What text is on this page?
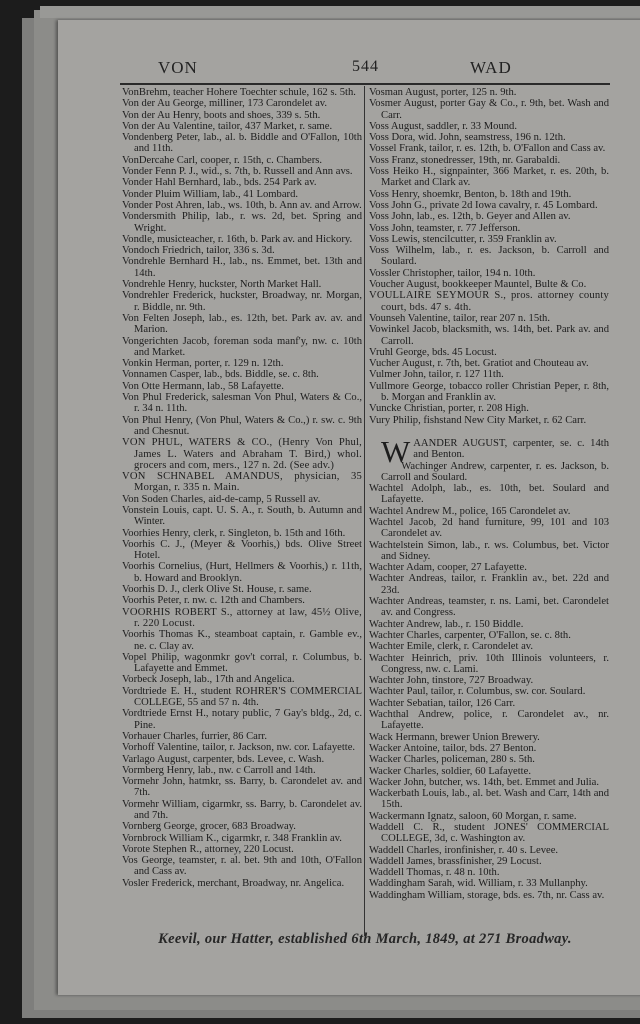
VON	544	WAD

VonBrehm, teacher Hohere Toechter schule, 162 s. 5th.

Von der Au George, milliner, 173 Carondelet av.

Von der Au Henry, boots and shoes, 339 s. 5th.

Von der Au Valentine, tailor, 437 Market, r. same.

Vondenberg Peter, lab., al. b. Biddle and O'Fallon, 10th and 11th.

VonDercahe Carl, cooper, r. 15th, c. Chambers.

Vonder Fenn P. J., wid., s. 7th, b. Russell and Ann avs.

Vonder Hahl Bernhard, lab., bds. 254 Park av.

Vonder Pluim William, lab., 41 Lombard.

Vonder Post Ahren, lab., ws. 10th, b. Ann av. and Arrow.

Vondersmith Philip, lab., r. ws. 2d, bet. Spring and Wright.

Vondle, musicteacher, r. 16th, b. Park av. and Hickory.

Vondoch Friedrich, tailor, 336 s. 3d.

Vondrehle Bernhard H., lab., ns. Emmet, bet. 13th and 14th.

Vondrehle Henry, huckster, North Market Hall.

Vondrehler Frederick, huckster, Broadway, nr. Morgan, r. Biddle, nr. 9th.

Von Felten Joseph, lab., es. 12th, bet. Park av. av. and Marion.

Vongerichten Jacob, foreman soda manf'y, nw. c. 10th and Market.

Vonkin Herman, porter, r. 129 n. 12th.

Vonnamen Casper, lab., bds. Biddle, se. c. 8th.

Von Otte Hermann, lab., 58 Lafayette.

Von Phul Frederick, salesman Von Phul, Waters & Co., r. 34 n. 11th.

Von Phul Henry, (Von Phul, Waters & Co.,) r. sw. c. 9th and Chesnut.

VON PHUL, WATERS & CO., (Henry Von Phul, James L. Waters and Abraham T. Bird,) whol. grocers and com, mers., 127 n. 2d. (See adv.)

VON SCHNABEL AMANDUS, physician, 35 Morgan, r. 335 n. Main.

Von Soden Charles, aid-de-camp, 5 Russell av.

Vonstein Louis, capt. U. S. A., r. South, b. Autumn and Winter.

Voorhies Henry, clerk, r. Singleton, b. 15th and 16th.

Voorhis C. J., (Meyer & Voorhis,) bds. Olive Street Hotel.

Voorhis Cornelius, (Hurt, Hellmers & Voorhis,) r. 11th, b. Howard and Brooklyn.

Voorhis D. J., clerk Olive St. House, r. same.

Voorhis Peter, r. nw. c. 12th and Chambers.

VOORHIS ROBERT S., attorney at law, 45½ Olive, r. 220 Locust.

Voorhis Thomas K., steamboat captain, r. Gamble ev., ne. c. Clay av.

Vopel Philip, wagonmkr gov't corral, r. Columbus, b. Lafayette and Emmet.

Vorbeck Joseph, lab., 17th and Angelica.

Vordtriede E. H., student ROHRER'S COMMERCIAL COLLEGE, 55 and 57 n. 4th.

Vordtriede Ernst H., notary public, 7 Gay's bldg., 2d, c. Pine.

Vorhauer Charles, furrier, 86 Carr.

Vorhoff Valentine, tailor, r. Jackson, nw. cor. Lafayette.

Varlago August, carpenter, bds. Levee, c. Wash.

Vormberg Henry, lab., nw. c Carroll and 14th.

Vormehr John, hatmkr, ss. Barry, b. Carondelet av. and 7th.

Vormehr William, cigarmkr, ss. Barry, b. Carondelet av. and 7th.

Vornberg George, grocer, 683 Broadway.

Vornbrock William K., cigarmkr, r. 348 Franklin av.

Vorote Stephen R., attorney, 220 Locust.

Vos George, teamster, r. al. bet. 9th and 10th, O'Fallon and Cass av.

Vosler Frederick, merchant, Broadway, nr. Angelica.

Vosman August, porter, 125 n. 9th.

Vosmer August, porter Gay & Co., r. 9th, bet. Wash and Carr.

Voss August, saddler, r. 33 Mound.

Voss Dora, wid. John, seamstress, 196 n. 12th.

Vossel Frank, tailor, r. es. 12th, b. O'Fallon and Cass av.

Voss Franz, stonedresser, 19th, nr. Garabaldi.

Voss Heiko H., signpainter, 366 Market, r. es. 20th, b. Market and Clark av.

Voss Henry, shoemkr, Benton, b. 18th and 19th.

Voss John G., private 2d Iowa cavalry, r. 45 Lombard.

Voss John, lab., es. 12th, b. Geyer and Allen av.

Voss John, teamster, r. 77 Jefferson.

Voss Lewis, stencilcutter, r. 359 Franklin av.

Voss Wilhelm, lab., r. es. Jackson, b. Carroll and Soulard.

Vossler Christopher, tailor, 194 n. 10th.

Voucher August, bookkeeper Mauntel, Bulte & Co.

VOULLAIRE SEYMOUR S., pros. attorney county court, bds. 47 s. 4th.

Vounseh Valentine, tailor, rear 207 n. 15th.

Vowinkel Jacob, blacksmith, ws. 14th, bet. Park av. and Carroll.

Vruhl George, bds. 45 Locust.

Vucher August, r. 7th, bet. Gratiot and Chouteau av.

Vulmer John, tailor, r. 127 11th.

Vullmore George, tobacco roller Christian Peper, r. 8th, b. Morgan and Franklin av.

Vuncke Christian, porter, r. 208 High.

Vury Philip, fishstand New City Market, r. 62 Carr.

WAANDER AUGUST, carpenter, se. c. 14th and Benton.

Wachinger Andrew, carpenter, r. es. Jackson, b. Carroll and Soulard.

Wachtel Adolph, lab., es. 10th, bet. Soulard and Lafayette.

Wachtel Andrew M., police, 165 Carondelet av.

Wachtel Jacob, 2d hand furniture, 99, 101 and 103 Carondelet av.

Wachtelstein Simon, lab., r. ws. Columbus, bet. Victor and Sidney.

Wachter Adam, cooper, 27 Lafayette.

Wachter Andreas, tailor, r. Franklin av., bet. 22d and 23d.

Wachter Andreas, teamster, r. ns. Lami, bet. Carondelet av. and Congress.

Wachter Andrew, lab., r. 150 Biddle.

Wachter Charles, carpenter, O'Fallon, se. c. 8th.

Wachter Emile, clerk, r. Carondelet av.

Wachter Heinrich, priv. 10th Illinois volunteers, r. Congress, nw. c. Lami.

Wachter John, tinstore, 727 Broadway.

Wachter Paul, tailor, r. Columbus, sw. cor. Soulard.

Wachter Sebatian, tailor, 126 Carr.

Wachthal Andrew, police, r. Carondelet av., nr. Lafayette.

Wack Hermann, brewer Union Brewery.

Wacker Antoine, tailor, bds. 27 Benton.

Wacker Charles, policeman, 280 s. 5th.

Wacker Charles, soldier, 60 Lafayette.

Wacker John, butcher, ws. 14th, bet. Emmet and Julia.

Wackerbath Louis, lab., al. bet. Wash and Carr, 14th and 15th.

Wackermann Ignatz, saloon, 60 Morgan, r. same.

Waddell C. R., student JONES' COMMERCIAL COLLEGE, 3d, c. Washington av.

Waddell Charles, ironfinisher, r. 40 s. Levee.

Waddell James, brassfinisher, 29 Locust.

Waddell Thomas, r. 48 n. 10th.

Waddingham Sarah, wid. William, r. 33 Mullanphy.

Waddingham William, storage, bds. es. 7th, nr. Cass av.

Keevil, our Hatter, established 6th March, 1849, at 271 Broadway.
